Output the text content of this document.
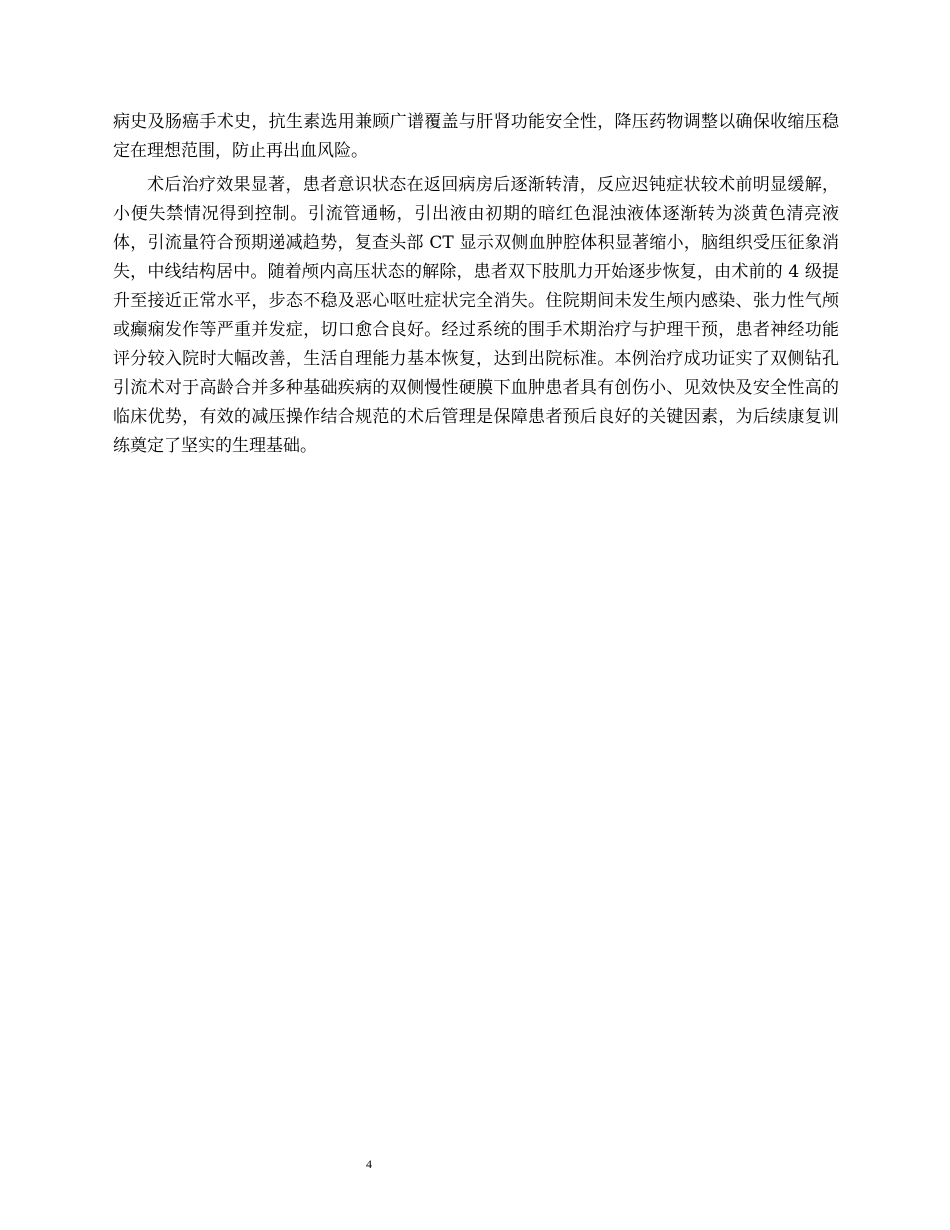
病史及肠癌手术史，抗生素选用兼顾广谱覆盖与肝肾功能安全性，降压药物调整以确保收缩压稳定在理想范围，防止再出血风险。

术后治疗效果显著，患者意识状态在返回病房后逐渐转清，反应迟钝症状较术前明显缓解，小便失禁情况得到控制。引流管通畅，引出液由初期的暗红色混浊液体逐渐转为淡黄色清亮液体，引流量符合预期递减趋势，复查头部 CT 显示双侧血肿腔体积显著缩小，脑组织受压征象消失，中线结构居中。随着颅内高压状态的解除，患者双下肢肌力开始逐步恢复，由术前的 4 级提升至接近正常水平，步态不稳及恶心呕吐症状完全消失。住院期间未发生颅内感染、张力性气颅或癫痫发作等严重并发症，切口愈合良好。经过系统的围手术期治疗与护理干预，患者神经功能评分较入院时大幅改善，生活自理能力基本恢复，达到出院标准。本例治疗成功证实了双侧钻孔引流术对于高龄合并多种基础疾病的双侧慢性硬膜下血肿患者具有创伤小、见效快及安全性高的临床优势，有效的减压操作结合规范的术后管理是保障患者预后良好的关键因素，为后续康复训练奠定了坚实的生理基础。

4
